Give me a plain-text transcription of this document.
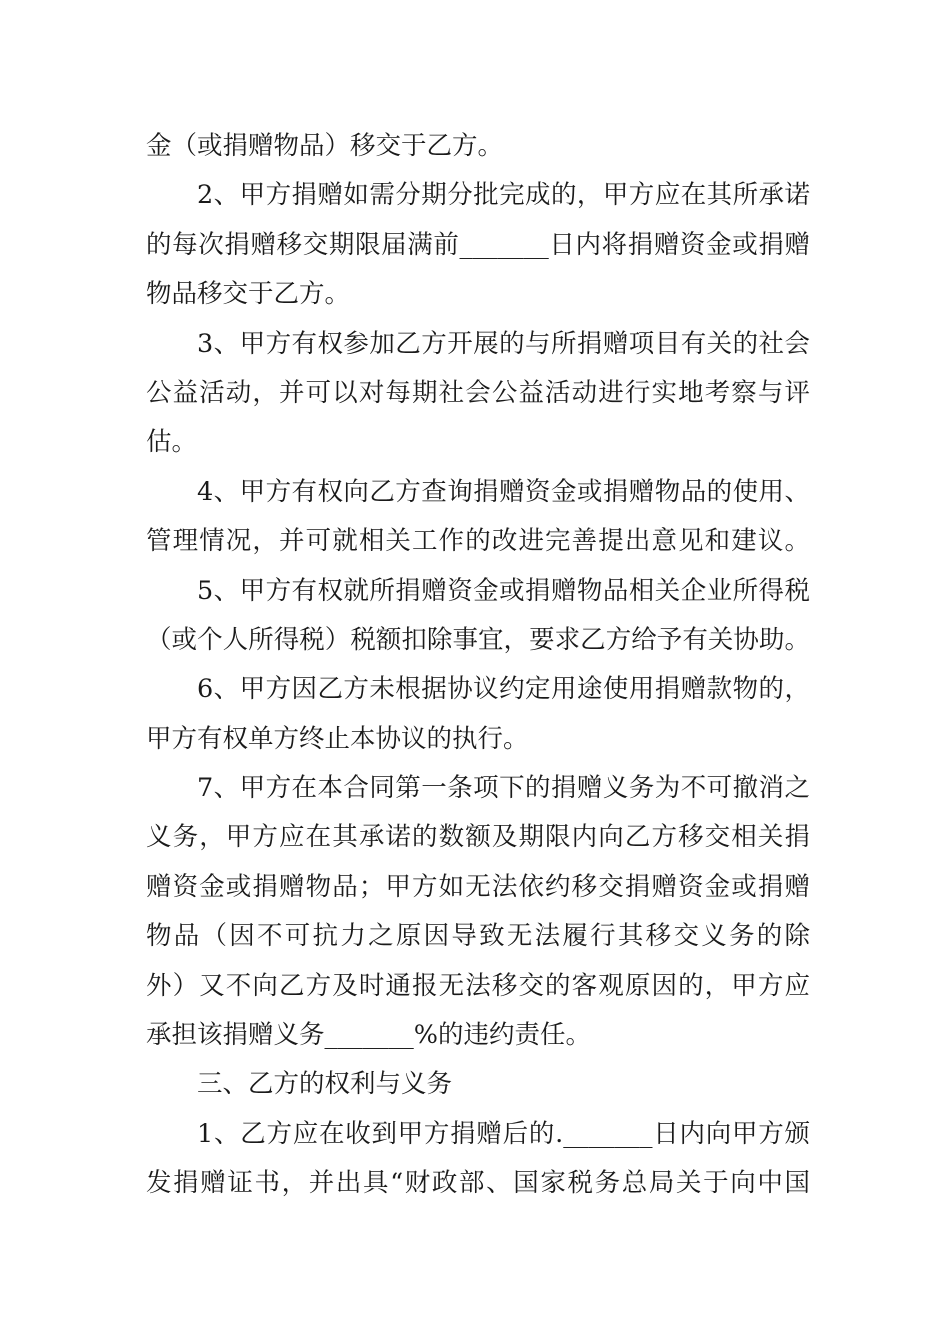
金（或捐赠物品）移交于乙方。
2、甲方捐赠如需分期分批完成的，甲方应在其所承诺
的每次捐赠移交期限届满前_______日内将捐赠资金或捐赠
物品移交于乙方。
3、甲方有权参加乙方开展的与所捐赠项目有关的社会
公益活动，并可以对每期社会公益活动进行实地考察与评
估。
4、甲方有权向乙方查询捐赠资金或捐赠物品的使用、
管理情况，并可就相关工作的改进完善提出意见和建议。
5、甲方有权就所捐赠资金或捐赠物品相关企业所得税
（或个人所得税）税额扣除事宜，要求乙方给予有关协助。
6、甲方因乙方未根据协议约定用途使用捐赠款物的，
甲方有权单方终止本协议的执行。
7、甲方在本合同第一条项下的捐赠义务为不可撤消之
义务，甲方应在其承诺的数额及期限内向乙方移交相关捐
赠资金或捐赠物品；甲方如无法依约移交捐赠资金或捐赠
物品（因不可抗力之原因导致无法履行其移交义务的除
外）又不向乙方及时通报无法移交的客观原因的，甲方应
承担该捐赠义务_______%的违约责任。
三、乙方的权利与义务
1、乙方应在收到甲方捐赠后的._______日内向甲方颁
发捐赠证书，并出具“财政部、国家税务总局关于向中国
